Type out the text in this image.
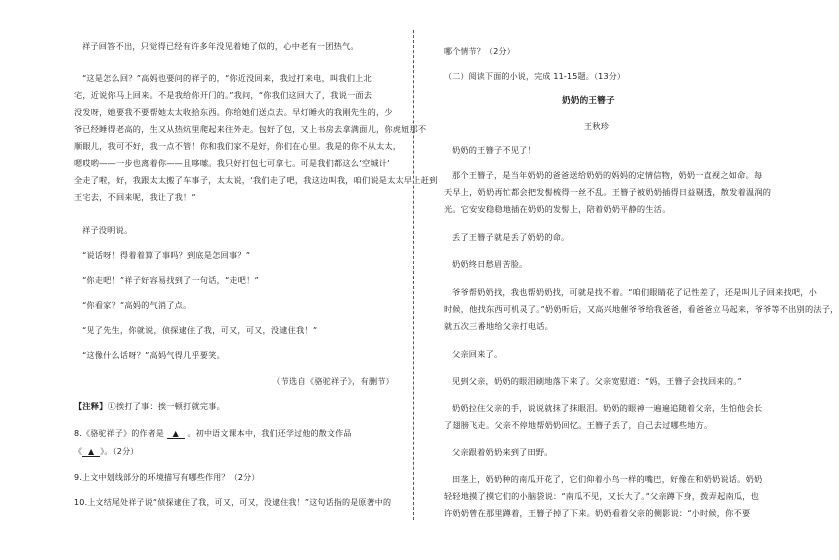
祥子回答不出，只觉得已经有许多年没见着她了似的，心中老有一团热气。
“这是怎么回？”高妈也要问的祥子的，“你近没回来，我过打来电，叫我们上北
宅，近说你马上回来。不是我给你开门的。”我问，“你我们这回大了，我说一面去
没发呀，她要我不要帮她太太收拾东西。你给她们送点去。早灯睡火的我刚先生的，少
爷已经睡得老高的，生又从热炕里爬起来往外走。包好了包，又上书房去拿满面儿，你虎妞那不
顺眼儿，我可不好，我一点不管！你和我们家不是好，你们在心里。我是的你不从太太，
嗯哎哟——一步也离着你——且哆嗦。我只好打包七可拿七。可是我们都这么‘空城计’
全走了啦，好，我跟太太搬了车事子，太太说，‘我们走了吧，我这边叫我，咱们说是太太早上赶到
王宅去，不回来呢，我让了我！”
祥子没明说。
“说话呀！得着着算了事吗？到底是怎回事？”
“你走吧！”祥子好容易找到了一句话，“走吧！”
“你看家？”高妈的气消了点。
“见了先生，你就说，侦探逮住了我，可又，可又，没逮住我！”
“这像什么话呀？”高妈气得几乎要笑。
（节选自《骆驼祥子》，有删节）
【注释】①挨打了事：挨一顿打就完事。
8.《骆驼祥子》的作者是 ▲ 。初中语文课本中，我们还学过他的散文作品
《 ▲ 》。（2分）
9.上文中划线部分的环境描写有哪些作用？（2分）
10.上文结尾处祥子说“侦探逮住了我，可又，可又，没逮住我！”这句话指的是原著中的
哪个情节？（2分）
（二）阅读下面的小说，完成 11-15题。（13分）
奶奶的王簪子
王秋珍
奶奶的王簪子不见了！
那个王簪子，是当年奶奶的爸爸送给奶奶的妈妈的定情信物，奶奶一直视之如命。每
天早上，奶奶再忙都会把发髻梳得一丝不乱。王簪子被奶奶插得日益剔透，散发着温润的
光。它安安稳稳地插在奶奶的发髻上，陪着奶奶平静的生活。
丢了王簪子就是丢了奶奶的命。
奶奶终日愁眉苦脸。
爷爷帮奶奶找，我也帮奶奶找，可就是找不着。“咱们眼睛花了记性差了，还是叫儿子回来找吧，小
时候，他找东西可机灵了。”奶奶听后，又高兴地催爷爷给我爸爸，看爸爸立马起来，爷爷等不出别的法子，
就五次三番地给父亲打电话。
父亲回来了。
见到父亲，奶奶的眼泪刷地落下来了。父亲宽慰道：“妈，王簪子会找回来的。”
奶奶拉住父亲的手，说说就抹了抹眼泪。奶奶的眼神一遍遍追随着父亲，生怕他会长
了翅膀飞走。父亲不停地帮奶奶回忆。王簪子丢了，自己去过哪些地方。
父亲跟着奶奶来到了田野。
田垄上，奶奶种的南瓜开花了，它们仰着小鸟一样的嘴巴，好像在和奶奶说话。奶奶
轻轻地摸了摸它们的小脑袋说：“南瓜不见，又长大了。”父亲蹲下身，拨弄起南瓜，也
许奶奶曾在那里蹲着，王簪子掉了下来。奶奶看着父亲的侧影说：“小时候，你不要
